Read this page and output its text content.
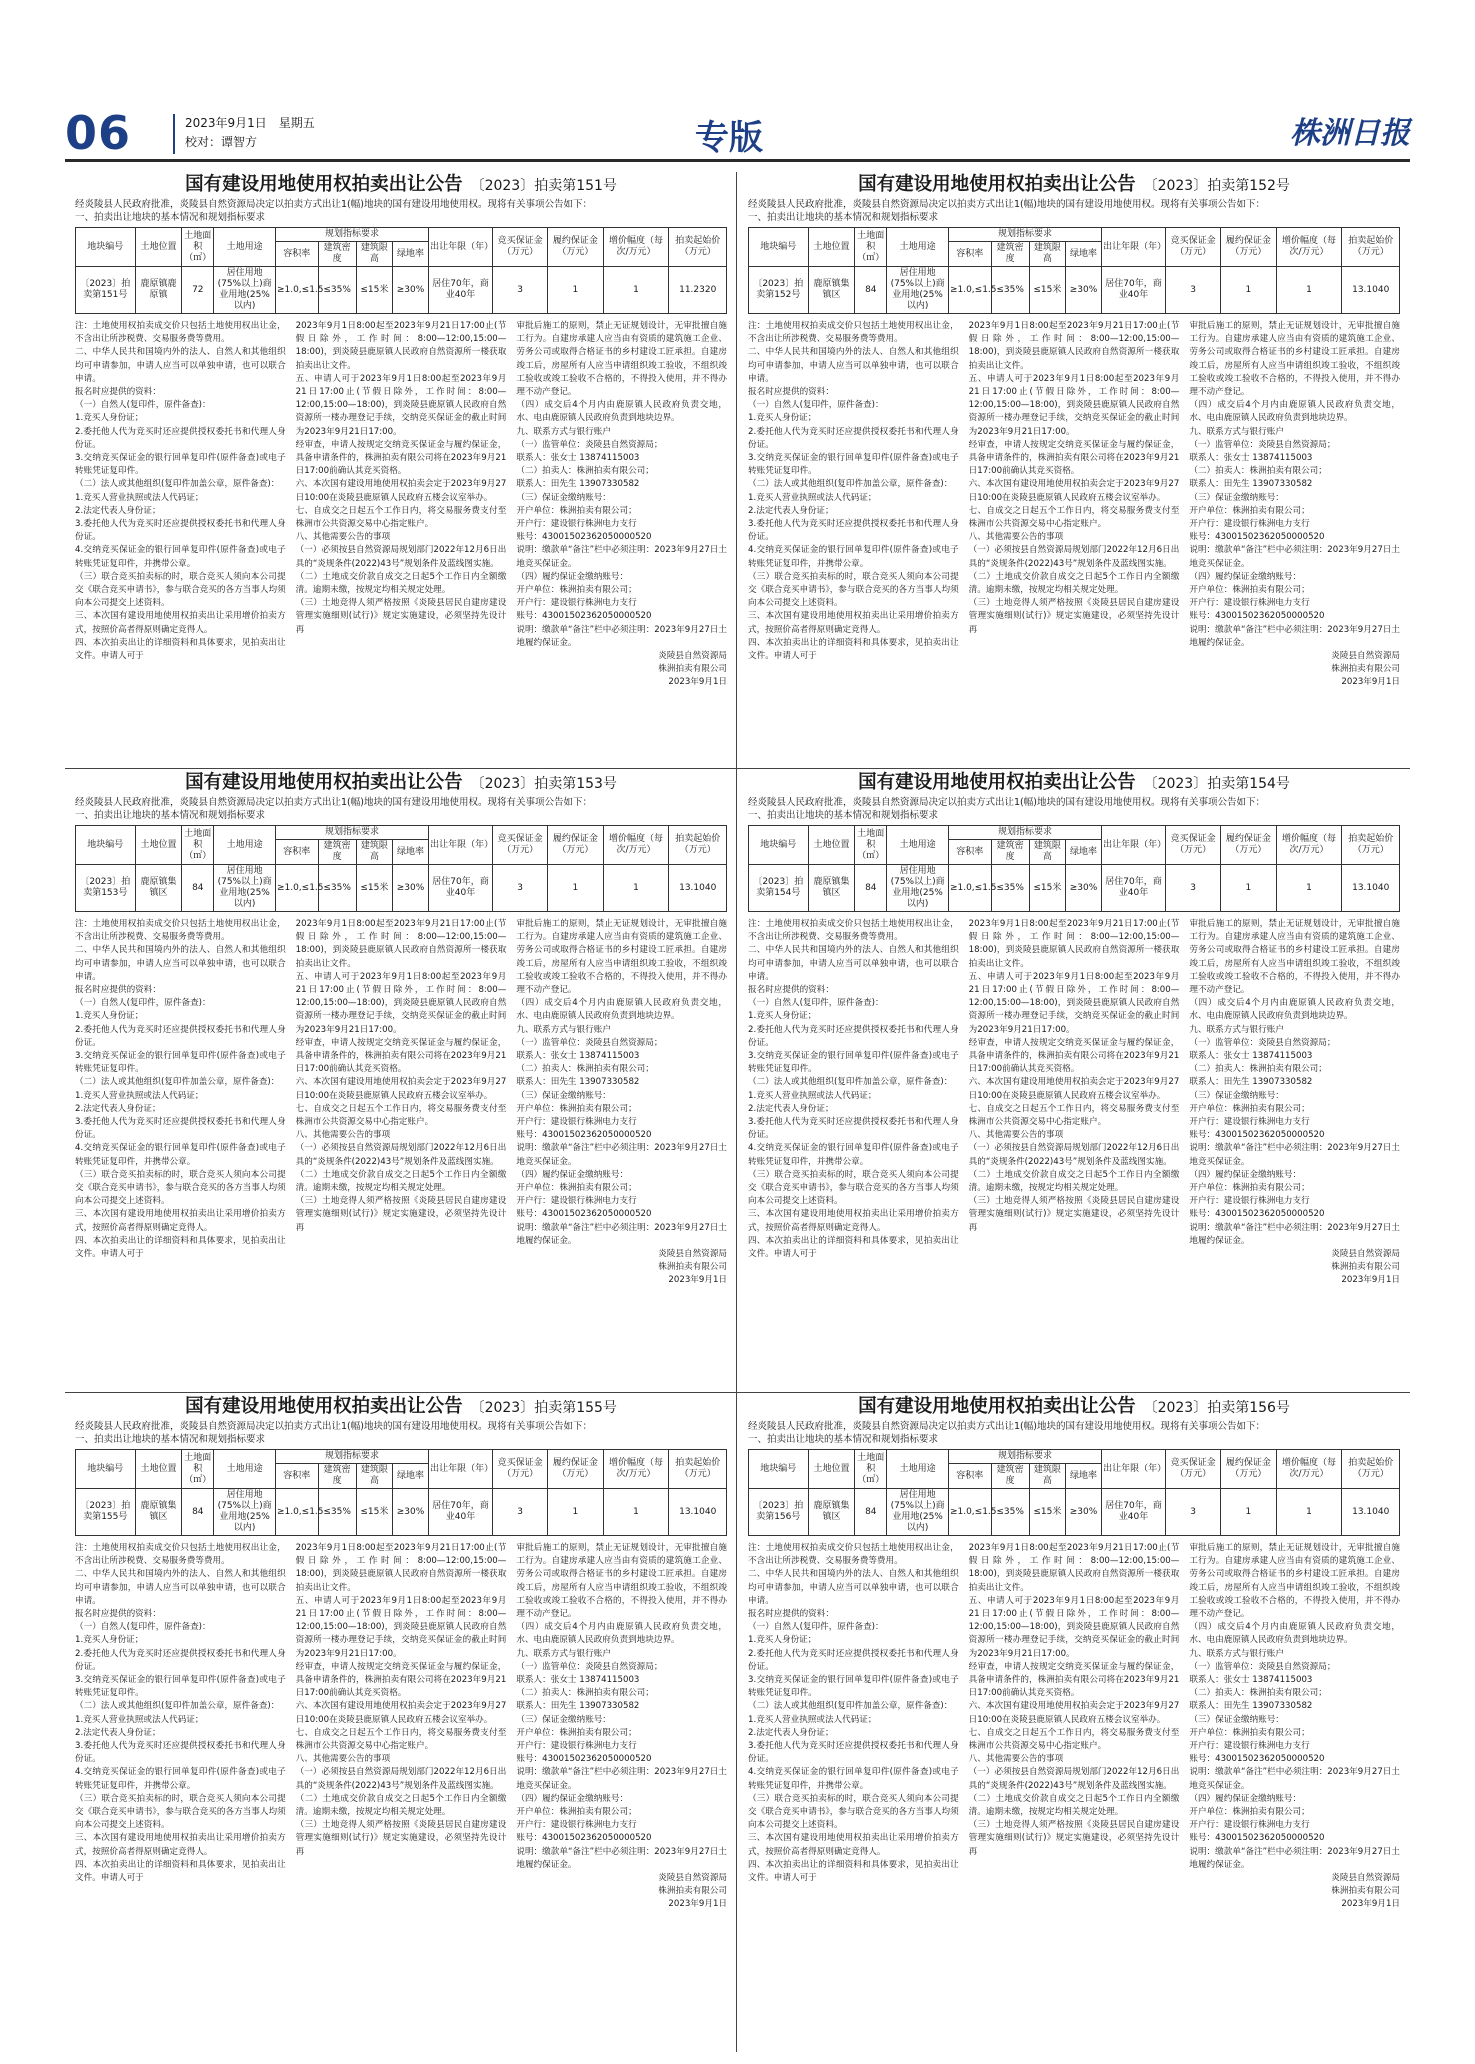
06	2023年9月1日　星期五
校对：谭智方	专版	株洲日报
国有建设用地使用权拍卖出让公告 〔2023〕拍卖第151号
经炎陵县人民政府批准，炎陵县自然资源局决定以拍卖方式出让1(幅)地块的国有建设用地使用权。现将有关事项公告如下：
一、拍卖出让地块的基本情况和规划指标要求
地块编号	土地位置	土地面积（㎡）	土地用途	规划指标要求				出让年限（年）	竞买保证金（万元）	履约保证金（万元）	增价幅度（每次/万元）	拍卖起始价（万元）
				容积率	建筑密度	建筑限高	绿地率					
〔2023〕拍卖第151号	鹿原镇鹿原镇	72	居住用地(75%以上)商业用地(25%以内)	≥1.0,≤1.5	≤35%	≤15米	≥30%	居住70年，商业40年	3	1	1	11.2320

注：土地使用权拍卖成交价只包括土地使用权出让金，不含出让所涉税费、交易服务费等费用。

二、中华人民共和国境内外的法人、自然人和其他组织均可申请参加，申请人应当可以单独申请，也可以联合申请。

报名时应提供的资料：

（一）自然人(复印件，原件备查)：

1.竞买人身份证；

2.委托他人代为竞买时还应提供授权委托书和代理人身份证。

3.交纳竞买保证金的银行回单复印件(原件备查)或电子转账凭证复印件。

（二）法人或其他组织(复印件加盖公章，原件备查)：

1.竞买人营业执照或法人代码证；

2.法定代表人身份证；

3.委托他人代为竞买时还应提供授权委托书和代理人身份证。

4.交纳竞买保证金的银行回单复印件(原件备查)或电子转账凭证复印件，并携带公章。

（三）联合竞买拍卖标的时，联合竞买人须向本公司提交《联合竞买申请书》，参与联合竞买的各方当事人均须向本公司提交上述资料。

三、本次国有建设用地使用权拍卖出让采用增价拍卖方式，按照价高者得原则确定竞得人。

四、本次拍卖出让的详细资料和具体要求，见拍卖出让文件。申请人可于

2023年9月1日8:00起至2023年9月21日17:00止(节假日除外，工作时间：8:00—12:00,15:00—18:00)，到炎陵县鹿原镇人民政府自然资源所一楼获取拍卖出让文件。

五、申请人可于2023年9月1日8:00起至2023年9月21日17:00止(节假日除外，工作时间：8:00—12:00,15:00—18:00)，到炎陵县鹿原镇人民政府自然资源所一楼办理登记手续，交纳竞买保证金的截止时间为2023年9月21日17:00。

经审查，申请人按规定交纳竞买保证金与履约保证金，具备申请条件的，株洲拍卖有限公司将在2023年9月21日17:00前确认其竞买资格。

六、本次国有建设用地使用权拍卖会定于2023年9月27日10:00在炎陵县鹿原镇人民政府五楼会议室举办。

七、自成交之日起五个工作日内，将交易服务费支付至株洲市公共资源交易中心指定账户。

八、其他需要公告的事项

（一）必须按县自然资源局规划部门2022年12月6日出具的“炎规条件(2022)43号”规划条件及蓝线图实施。

（二）土地成交价款自成交之日起5个工作日内全额缴清。逾期未缴，按规定均相关规定处理。

（三）土地竞得人须严格按照《炎陵县居民自建房建设管理实施细则(试行)》规定实施建设，必须坚持先设计再

审批后施工的原则，禁止无证规划设计，无审批擅自施工行为。自建房承建人应当由有资质的建筑施工企业、劳务公司或取得合格证书的乡村建设工匠承担。自建房竣工后，房屋所有人应当申请组织竣工验收，不组织竣工验收或竣工验收不合格的，不得投入使用，并不得办理不动产登记。

（四）成交后4个月内由鹿原镇人民政府负责交地，水、电由鹿原镇人民政府负责到地块边界。

九、联系方式与银行账户

（一）监管单位：炎陵县自然资源局；

联系人：张女士 13874115003

（二）拍卖人：株洲拍卖有限公司；

联系人：田先生 13907330582

（三）保证金缴纳账号：

开户单位：株洲拍卖有限公司；

开户行：建设银行株洲电力支行

账号：43001502362050000520

说明：缴款单“备注”栏中必须注明：2023年9月27日土地竞买保证金。

（四）履约保证金缴纳账号：

开户单位：株洲拍卖有限公司；

开户行：建设银行株洲电力支行

账号：43001502362050000520

说明：缴款单“备注”栏中必须注明：2023年9月27日土地履约保证金。

炎陵县自然资源局

株洲拍卖有限公司

2023年9月1日

国有建设用地使用权拍卖出让公告 〔2023〕拍卖第152号
经炎陵县人民政府批准，炎陵县自然资源局决定以拍卖方式出让1(幅)地块的国有建设用地使用权。现将有关事项公告如下：
一、拍卖出让地块的基本情况和规划指标要求
地块编号	土地位置	土地面积（㎡）	土地用途	规划指标要求				出让年限（年）	竞买保证金（万元）	履约保证金（万元）	增价幅度（每次/万元）	拍卖起始价（万元）
				容积率	建筑密度	建筑限高	绿地率					
〔2023〕拍卖第152号	鹿原镇集镇区	84	居住用地(75%以上)商业用地(25%以内)	≥1.0,≤1.5	≤35%	≤15米	≥30%	居住70年，商业40年	3	1	1	13.1040

注：土地使用权拍卖成交价只包括土地使用权出让金，不含出让所涉税费、交易服务费等费用。

二、中华人民共和国境内外的法人、自然人和其他组织均可申请参加，申请人应当可以单独申请，也可以联合申请。

报名时应提供的资料：

（一）自然人(复印件，原件备查)：

1.竞买人身份证；

2.委托他人代为竞买时还应提供授权委托书和代理人身份证。

3.交纳竞买保证金的银行回单复印件(原件备查)或电子转账凭证复印件。

（二）法人或其他组织(复印件加盖公章，原件备查)：

1.竞买人营业执照或法人代码证；

2.法定代表人身份证；

3.委托他人代为竞买时还应提供授权委托书和代理人身份证。

4.交纳竞买保证金的银行回单复印件(原件备查)或电子转账凭证复印件，并携带公章。

（三）联合竞买拍卖标的时，联合竞买人须向本公司提交《联合竞买申请书》，参与联合竞买的各方当事人均须向本公司提交上述资料。

三、本次国有建设用地使用权拍卖出让采用增价拍卖方式，按照价高者得原则确定竞得人。

四、本次拍卖出让的详细资料和具体要求，见拍卖出让文件。申请人可于

2023年9月1日8:00起至2023年9月21日17:00止(节假日除外，工作时间：8:00—12:00,15:00—18:00)，到炎陵县鹿原镇人民政府自然资源所一楼获取拍卖出让文件。

五、申请人可于2023年9月1日8:00起至2023年9月21日17:00止(节假日除外，工作时间：8:00—12:00,15:00—18:00)，到炎陵县鹿原镇人民政府自然资源所一楼办理登记手续，交纳竞买保证金的截止时间为2023年9月21日17:00。

经审查，申请人按规定交纳竞买保证金与履约保证金，具备申请条件的，株洲拍卖有限公司将在2023年9月21日17:00前确认其竞买资格。

六、本次国有建设用地使用权拍卖会定于2023年9月27日10:00在炎陵县鹿原镇人民政府五楼会议室举办。

七、自成交之日起五个工作日内，将交易服务费支付至株洲市公共资源交易中心指定账户。

八、其他需要公告的事项

（一）必须按县自然资源局规划部门2022年12月6日出具的“炎规条件(2022)43号”规划条件及蓝线图实施。

（二）土地成交价款自成交之日起5个工作日内全额缴清。逾期未缴，按规定均相关规定处理。

（三）土地竞得人须严格按照《炎陵县居民自建房建设管理实施细则(试行)》规定实施建设，必须坚持先设计再

审批后施工的原则，禁止无证规划设计，无审批擅自施工行为。自建房承建人应当由有资质的建筑施工企业、劳务公司或取得合格证书的乡村建设工匠承担。自建房竣工后，房屋所有人应当申请组织竣工验收，不组织竣工验收或竣工验收不合格的，不得投入使用，并不得办理不动产登记。

（四）成交后4个月内由鹿原镇人民政府负责交地，水、电由鹿原镇人民政府负责到地块边界。

九、联系方式与银行账户

（一）监管单位：炎陵县自然资源局；

联系人：张女士 13874115003

（二）拍卖人：株洲拍卖有限公司；

联系人：田先生 13907330582

（三）保证金缴纳账号：

开户单位：株洲拍卖有限公司；

开户行：建设银行株洲电力支行

账号：43001502362050000520

说明：缴款单“备注”栏中必须注明：2023年9月27日土地竞买保证金。

（四）履约保证金缴纳账号：

开户单位：株洲拍卖有限公司；

开户行：建设银行株洲电力支行

账号：43001502362050000520

说明：缴款单“备注”栏中必须注明：2023年9月27日土地履约保证金。

炎陵县自然资源局

株洲拍卖有限公司

2023年9月1日

国有建设用地使用权拍卖出让公告 〔2023〕拍卖第153号
经炎陵县人民政府批准，炎陵县自然资源局决定以拍卖方式出让1(幅)地块的国有建设用地使用权。现将有关事项公告如下：
一、拍卖出让地块的基本情况和规划指标要求
地块编号	土地位置	土地面积（㎡）	土地用途	规划指标要求				出让年限（年）	竞买保证金（万元）	履约保证金（万元）	增价幅度（每次/万元）	拍卖起始价（万元）
				容积率	建筑密度	建筑限高	绿地率					
〔2023〕拍卖第153号	鹿原镇集镇区	84	居住用地(75%以上)商业用地(25%以内)	≥1.0,≤1.5	≤35%	≤15米	≥30%	居住70年，商业40年	3	1	1	13.1040

注：土地使用权拍卖成交价只包括土地使用权出让金，不含出让所涉税费、交易服务费等费用。

二、中华人民共和国境内外的法人、自然人和其他组织均可申请参加，申请人应当可以单独申请，也可以联合申请。

报名时应提供的资料：

（一）自然人(复印件，原件备查)：

1.竞买人身份证；

2.委托他人代为竞买时还应提供授权委托书和代理人身份证。

3.交纳竞买保证金的银行回单复印件(原件备查)或电子转账凭证复印件。

（二）法人或其他组织(复印件加盖公章，原件备查)：

1.竞买人营业执照或法人代码证；

2.法定代表人身份证；

3.委托他人代为竞买时还应提供授权委托书和代理人身份证。

4.交纳竞买保证金的银行回单复印件(原件备查)或电子转账凭证复印件，并携带公章。

（三）联合竞买拍卖标的时，联合竞买人须向本公司提交《联合竞买申请书》，参与联合竞买的各方当事人均须向本公司提交上述资料。

三、本次国有建设用地使用权拍卖出让采用增价拍卖方式，按照价高者得原则确定竞得人。

四、本次拍卖出让的详细资料和具体要求，见拍卖出让文件。申请人可于

2023年9月1日8:00起至2023年9月21日17:00止(节假日除外，工作时间：8:00—12:00,15:00—18:00)，到炎陵县鹿原镇人民政府自然资源所一楼获取拍卖出让文件。

五、申请人可于2023年9月1日8:00起至2023年9月21日17:00止(节假日除外，工作时间：8:00—12:00,15:00—18:00)，到炎陵县鹿原镇人民政府自然资源所一楼办理登记手续，交纳竞买保证金的截止时间为2023年9月21日17:00。

经审查，申请人按规定交纳竞买保证金与履约保证金，具备申请条件的，株洲拍卖有限公司将在2023年9月21日17:00前确认其竞买资格。

六、本次国有建设用地使用权拍卖会定于2023年9月27日10:00在炎陵县鹿原镇人民政府五楼会议室举办。

七、自成交之日起五个工作日内，将交易服务费支付至株洲市公共资源交易中心指定账户。

八、其他需要公告的事项

（一）必须按县自然资源局规划部门2022年12月6日出具的“炎规条件(2022)43号”规划条件及蓝线图实施。

（二）土地成交价款自成交之日起5个工作日内全额缴清。逾期未缴，按规定均相关规定处理。

（三）土地竞得人须严格按照《炎陵县居民自建房建设管理实施细则(试行)》规定实施建设，必须坚持先设计再

审批后施工的原则，禁止无证规划设计，无审批擅自施工行为。自建房承建人应当由有资质的建筑施工企业、劳务公司或取得合格证书的乡村建设工匠承担。自建房竣工后，房屋所有人应当申请组织竣工验收，不组织竣工验收或竣工验收不合格的，不得投入使用，并不得办理不动产登记。

（四）成交后4个月内由鹿原镇人民政府负责交地，水、电由鹿原镇人民政府负责到地块边界。

九、联系方式与银行账户

（一）监管单位：炎陵县自然资源局；

联系人：张女士 13874115003

（二）拍卖人：株洲拍卖有限公司；

联系人：田先生 13907330582

（三）保证金缴纳账号：

开户单位：株洲拍卖有限公司；

开户行：建设银行株洲电力支行

账号：43001502362050000520

说明：缴款单“备注”栏中必须注明：2023年9月27日土地竞买保证金。

（四）履约保证金缴纳账号：

开户单位：株洲拍卖有限公司；

开户行：建设银行株洲电力支行

账号：43001502362050000520

说明：缴款单“备注”栏中必须注明：2023年9月27日土地履约保证金。

炎陵县自然资源局

株洲拍卖有限公司

2023年9月1日

国有建设用地使用权拍卖出让公告 〔2023〕拍卖第154号
经炎陵县人民政府批准，炎陵县自然资源局决定以拍卖方式出让1(幅)地块的国有建设用地使用权。现将有关事项公告如下：
一、拍卖出让地块的基本情况和规划指标要求
地块编号	土地位置	土地面积（㎡）	土地用途	规划指标要求				出让年限（年）	竞买保证金（万元）	履约保证金（万元）	增价幅度（每次/万元）	拍卖起始价（万元）
				容积率	建筑密度	建筑限高	绿地率					
〔2023〕拍卖第154号	鹿原镇集镇区	84	居住用地(75%以上)商业用地(25%以内)	≥1.0,≤1.5	≤35%	≤15米	≥30%	居住70年，商业40年	3	1	1	13.1040

注：土地使用权拍卖成交价只包括土地使用权出让金，不含出让所涉税费、交易服务费等费用。

二、中华人民共和国境内外的法人、自然人和其他组织均可申请参加，申请人应当可以单独申请，也可以联合申请。

报名时应提供的资料：

（一）自然人(复印件，原件备查)：

1.竞买人身份证；

2.委托他人代为竞买时还应提供授权委托书和代理人身份证。

3.交纳竞买保证金的银行回单复印件(原件备查)或电子转账凭证复印件。

（二）法人或其他组织(复印件加盖公章，原件备查)：

1.竞买人营业执照或法人代码证；

2.法定代表人身份证；

3.委托他人代为竞买时还应提供授权委托书和代理人身份证。

4.交纳竞买保证金的银行回单复印件(原件备查)或电子转账凭证复印件，并携带公章。

（三）联合竞买拍卖标的时，联合竞买人须向本公司提交《联合竞买申请书》，参与联合竞买的各方当事人均须向本公司提交上述资料。

三、本次国有建设用地使用权拍卖出让采用增价拍卖方式，按照价高者得原则确定竞得人。

四、本次拍卖出让的详细资料和具体要求，见拍卖出让文件。申请人可于

2023年9月1日8:00起至2023年9月21日17:00止(节假日除外，工作时间：8:00—12:00,15:00—18:00)，到炎陵县鹿原镇人民政府自然资源所一楼获取拍卖出让文件。

五、申请人可于2023年9月1日8:00起至2023年9月21日17:00止(节假日除外，工作时间：8:00—12:00,15:00—18:00)，到炎陵县鹿原镇人民政府自然资源所一楼办理登记手续，交纳竞买保证金的截止时间为2023年9月21日17:00。

经审查，申请人按规定交纳竞买保证金与履约保证金，具备申请条件的，株洲拍卖有限公司将在2023年9月21日17:00前确认其竞买资格。

六、本次国有建设用地使用权拍卖会定于2023年9月27日10:00在炎陵县鹿原镇人民政府五楼会议室举办。

七、自成交之日起五个工作日内，将交易服务费支付至株洲市公共资源交易中心指定账户。

八、其他需要公告的事项

（一）必须按县自然资源局规划部门2022年12月6日出具的“炎规条件(2022)43号”规划条件及蓝线图实施。

（二）土地成交价款自成交之日起5个工作日内全额缴清。逾期未缴，按规定均相关规定处理。

（三）土地竞得人须严格按照《炎陵县居民自建房建设管理实施细则(试行)》规定实施建设，必须坚持先设计再

审批后施工的原则，禁止无证规划设计，无审批擅自施工行为。自建房承建人应当由有资质的建筑施工企业、劳务公司或取得合格证书的乡村建设工匠承担。自建房竣工后，房屋所有人应当申请组织竣工验收，不组织竣工验收或竣工验收不合格的，不得投入使用，并不得办理不动产登记。

（四）成交后4个月内由鹿原镇人民政府负责交地，水、电由鹿原镇人民政府负责到地块边界。

九、联系方式与银行账户

（一）监管单位：炎陵县自然资源局；

联系人：张女士 13874115003

（二）拍卖人：株洲拍卖有限公司；

联系人：田先生 13907330582

（三）保证金缴纳账号：

开户单位：株洲拍卖有限公司；

开户行：建设银行株洲电力支行

账号：43001502362050000520

说明：缴款单“备注”栏中必须注明：2023年9月27日土地竞买保证金。

（四）履约保证金缴纳账号：

开户单位：株洲拍卖有限公司；

开户行：建设银行株洲电力支行

账号：43001502362050000520

说明：缴款单“备注”栏中必须注明：2023年9月27日土地履约保证金。

炎陵县自然资源局

株洲拍卖有限公司

2023年9月1日

国有建设用地使用权拍卖出让公告 〔2023〕拍卖第155号
经炎陵县人民政府批准，炎陵县自然资源局决定以拍卖方式出让1(幅)地块的国有建设用地使用权。现将有关事项公告如下：
一、拍卖出让地块的基本情况和规划指标要求
地块编号	土地位置	土地面积（㎡）	土地用途	规划指标要求				出让年限（年）	竞买保证金（万元）	履约保证金（万元）	增价幅度（每次/万元）	拍卖起始价（万元）
				容积率	建筑密度	建筑限高	绿地率					
〔2023〕拍卖第155号	鹿原镇集镇区	84	居住用地(75%以上)商业用地(25%以内)	≥1.0,≤1.5	≤35%	≤15米	≥30%	居住70年，商业40年	3	1	1	13.1040

注：土地使用权拍卖成交价只包括土地使用权出让金，不含出让所涉税费、交易服务费等费用。

二、中华人民共和国境内外的法人、自然人和其他组织均可申请参加，申请人应当可以单独申请，也可以联合申请。

报名时应提供的资料：

（一）自然人(复印件，原件备查)：

1.竞买人身份证；

2.委托他人代为竞买时还应提供授权委托书和代理人身份证。

3.交纳竞买保证金的银行回单复印件(原件备查)或电子转账凭证复印件。

（二）法人或其他组织(复印件加盖公章，原件备查)：

1.竞买人营业执照或法人代码证；

2.法定代表人身份证；

3.委托他人代为竞买时还应提供授权委托书和代理人身份证。

4.交纳竞买保证金的银行回单复印件(原件备查)或电子转账凭证复印件，并携带公章。

（三）联合竞买拍卖标的时，联合竞买人须向本公司提交《联合竞买申请书》，参与联合竞买的各方当事人均须向本公司提交上述资料。

三、本次国有建设用地使用权拍卖出让采用增价拍卖方式，按照价高者得原则确定竞得人。

四、本次拍卖出让的详细资料和具体要求，见拍卖出让文件。申请人可于

2023年9月1日8:00起至2023年9月21日17:00止(节假日除外，工作时间：8:00—12:00,15:00—18:00)，到炎陵县鹿原镇人民政府自然资源所一楼获取拍卖出让文件。

五、申请人可于2023年9月1日8:00起至2023年9月21日17:00止(节假日除外，工作时间：8:00—12:00,15:00—18:00)，到炎陵县鹿原镇人民政府自然资源所一楼办理登记手续，交纳竞买保证金的截止时间为2023年9月21日17:00。

经审查，申请人按规定交纳竞买保证金与履约保证金，具备申请条件的，株洲拍卖有限公司将在2023年9月21日17:00前确认其竞买资格。

六、本次国有建设用地使用权拍卖会定于2023年9月27日10:00在炎陵县鹿原镇人民政府五楼会议室举办。

七、自成交之日起五个工作日内，将交易服务费支付至株洲市公共资源交易中心指定账户。

八、其他需要公告的事项

（一）必须按县自然资源局规划部门2022年12月6日出具的“炎规条件(2022)43号”规划条件及蓝线图实施。

（二）土地成交价款自成交之日起5个工作日内全额缴清。逾期未缴，按规定均相关规定处理。

（三）土地竞得人须严格按照《炎陵县居民自建房建设管理实施细则(试行)》规定实施建设，必须坚持先设计再

审批后施工的原则，禁止无证规划设计，无审批擅自施工行为。自建房承建人应当由有资质的建筑施工企业、劳务公司或取得合格证书的乡村建设工匠承担。自建房竣工后，房屋所有人应当申请组织竣工验收，不组织竣工验收或竣工验收不合格的，不得投入使用，并不得办理不动产登记。

（四）成交后4个月内由鹿原镇人民政府负责交地，水、电由鹿原镇人民政府负责到地块边界。

九、联系方式与银行账户

（一）监管单位：炎陵县自然资源局；

联系人：张女士 13874115003

（二）拍卖人：株洲拍卖有限公司；

联系人：田先生 13907330582

（三）保证金缴纳账号：

开户单位：株洲拍卖有限公司；

开户行：建设银行株洲电力支行

账号：43001502362050000520

说明：缴款单“备注”栏中必须注明：2023年9月27日土地竞买保证金。

（四）履约保证金缴纳账号：

开户单位：株洲拍卖有限公司；

开户行：建设银行株洲电力支行

账号：43001502362050000520

说明：缴款单“备注”栏中必须注明：2023年9月27日土地履约保证金。

炎陵县自然资源局

株洲拍卖有限公司

2023年9月1日

国有建设用地使用权拍卖出让公告 〔2023〕拍卖第156号
经炎陵县人民政府批准，炎陵县自然资源局决定以拍卖方式出让1(幅)地块的国有建设用地使用权。现将有关事项公告如下：
一、拍卖出让地块的基本情况和规划指标要求
地块编号	土地位置	土地面积（㎡）	土地用途	规划指标要求				出让年限（年）	竞买保证金（万元）	履约保证金（万元）	增价幅度（每次/万元）	拍卖起始价（万元）
				容积率	建筑密度	建筑限高	绿地率					
〔2023〕拍卖第156号	鹿原镇集镇区	84	居住用地(75%以上)商业用地(25%以内)	≥1.0,≤1.5	≤35%	≤15米	≥30%	居住70年，商业40年	3	1	1	13.1040

注：土地使用权拍卖成交价只包括土地使用权出让金，不含出让所涉税费、交易服务费等费用。

二、中华人民共和国境内外的法人、自然人和其他组织均可申请参加，申请人应当可以单独申请，也可以联合申请。

报名时应提供的资料：

（一）自然人(复印件，原件备查)：

1.竞买人身份证；

2.委托他人代为竞买时还应提供授权委托书和代理人身份证。

3.交纳竞买保证金的银行回单复印件(原件备查)或电子转账凭证复印件。

（二）法人或其他组织(复印件加盖公章，原件备查)：

1.竞买人营业执照或法人代码证；

2.法定代表人身份证；

3.委托他人代为竞买时还应提供授权委托书和代理人身份证。

4.交纳竞买保证金的银行回单复印件(原件备查)或电子转账凭证复印件，并携带公章。

（三）联合竞买拍卖标的时，联合竞买人须向本公司提交《联合竞买申请书》，参与联合竞买的各方当事人均须向本公司提交上述资料。

三、本次国有建设用地使用权拍卖出让采用增价拍卖方式，按照价高者得原则确定竞得人。

四、本次拍卖出让的详细资料和具体要求，见拍卖出让文件。申请人可于

2023年9月1日8:00起至2023年9月21日17:00止(节假日除外，工作时间：8:00—12:00,15:00—18:00)，到炎陵县鹿原镇人民政府自然资源所一楼获取拍卖出让文件。

五、申请人可于2023年9月1日8:00起至2023年9月21日17:00止(节假日除外，工作时间：8:00—12:00,15:00—18:00)，到炎陵县鹿原镇人民政府自然资源所一楼办理登记手续，交纳竞买保证金的截止时间为2023年9月21日17:00。

经审查，申请人按规定交纳竞买保证金与履约保证金，具备申请条件的，株洲拍卖有限公司将在2023年9月21日17:00前确认其竞买资格。

六、本次国有建设用地使用权拍卖会定于2023年9月27日10:00在炎陵县鹿原镇人民政府五楼会议室举办。

七、自成交之日起五个工作日内，将交易服务费支付至株洲市公共资源交易中心指定账户。

八、其他需要公告的事项

（一）必须按县自然资源局规划部门2022年12月6日出具的“炎规条件(2022)43号”规划条件及蓝线图实施。

（二）土地成交价款自成交之日起5个工作日内全额缴清。逾期未缴，按规定均相关规定处理。

（三）土地竞得人须严格按照《炎陵县居民自建房建设管理实施细则(试行)》规定实施建设，必须坚持先设计再

审批后施工的原则，禁止无证规划设计，无审批擅自施工行为。自建房承建人应当由有资质的建筑施工企业、劳务公司或取得合格证书的乡村建设工匠承担。自建房竣工后，房屋所有人应当申请组织竣工验收，不组织竣工验收或竣工验收不合格的，不得投入使用，并不得办理不动产登记。

（四）成交后4个月内由鹿原镇人民政府负责交地，水、电由鹿原镇人民政府负责到地块边界。

九、联系方式与银行账户

（一）监管单位：炎陵县自然资源局；

联系人：张女士 13874115003

（二）拍卖人：株洲拍卖有限公司；

联系人：田先生 13907330582

（三）保证金缴纳账号：

开户单位：株洲拍卖有限公司；

开户行：建设银行株洲电力支行

账号：43001502362050000520

说明：缴款单“备注”栏中必须注明：2023年9月27日土地竞买保证金。

（四）履约保证金缴纳账号：

开户单位：株洲拍卖有限公司；

开户行：建设银行株洲电力支行

账号：43001502362050000520

说明：缴款单“备注”栏中必须注明：2023年9月27日土地履约保证金。

炎陵县自然资源局

株洲拍卖有限公司

2023年9月1日
